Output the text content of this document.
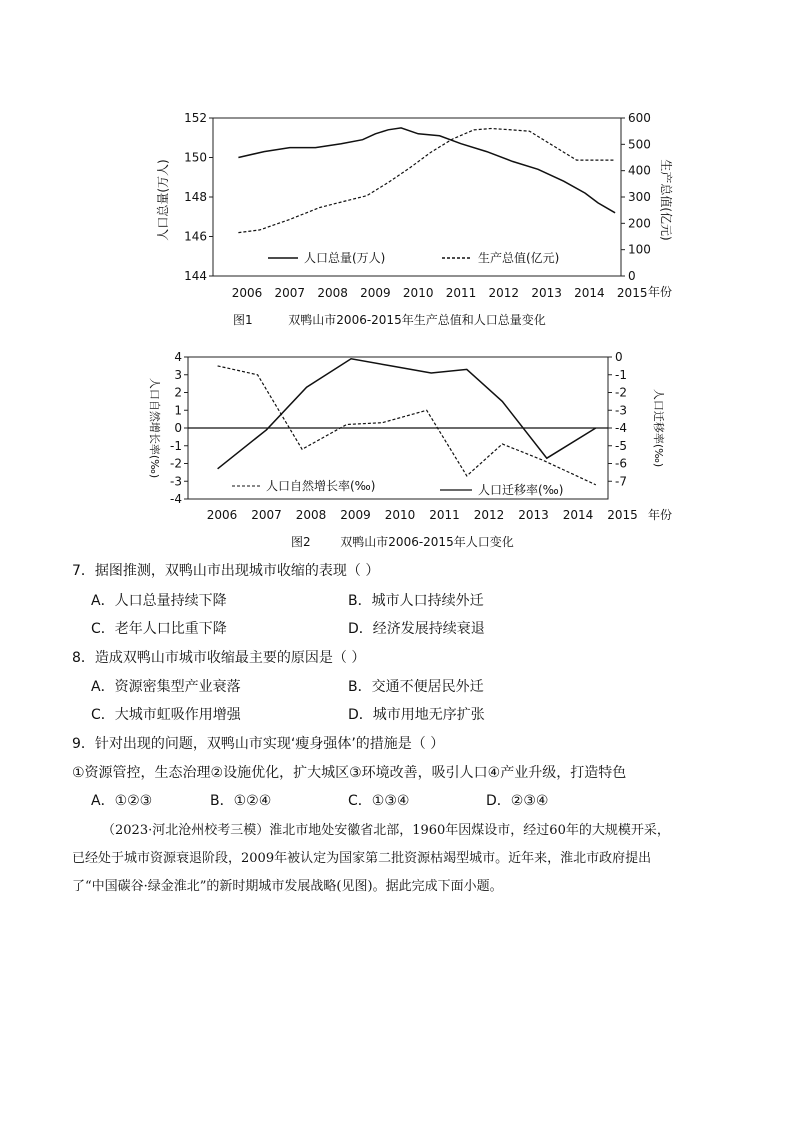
2006 2007 2008 2009 2010 2011 2012 2013 2014 2015
144
146
148
150
152
0
100
200
300
400
500
600
人口总量(万人)	生产总值(亿元)
年份
人口总量(万人)	生产总值(亿元)
图1	双鸭山市2006-2015年生产总值和人口总量变化
2006 2007 2008 2009 2010 2011 2012 2013 2014 2015
4
3
2
1
0
-1
-2
-3
-4
0
-1
-2
-3
-4
-5
-6
-7
人口自然增长率(‰)	人口迁移率(‰)
年份
人口自然增长率(‰)	人口迁移率(‰)
图2 双鸭山市2006-2015年人口变化
7．据图推测，双鸭山市出现城市收缩的表现（ ）
A．人口总量持续下降	B．城市人口持续外迁
C．老年人口比重下降	D．经济发展持续衰退
8．造成双鸭山市城市收缩最主要的原因是（ ）
A．资源密集型产业衰落	B．交通不便居民外迁
C．大城市虹吸作用增强	D．城市用地无序扩张
9．针对出现的问题，双鸭山市实现‘瘦身强体’的措施是（ ）
①资源管控，生态治理②设施优化，扩大城区③环境改善，吸引人口④产业升级，打造特色
A．①②③	B．①②④	C．①③④	D．②③④
（2023·河北沧州校考三模）淮北市地处安徽省北部，1960年因煤设市，经过60年的大规模开采，
已经处于城市资源衰退阶段，2009年被认定为国家第二批资源枯竭型城市。近年来，淮北市政府提出
了“中国碳谷·绿金淮北”的新时期城市发展战略(见图)。据此完成下面小题。
